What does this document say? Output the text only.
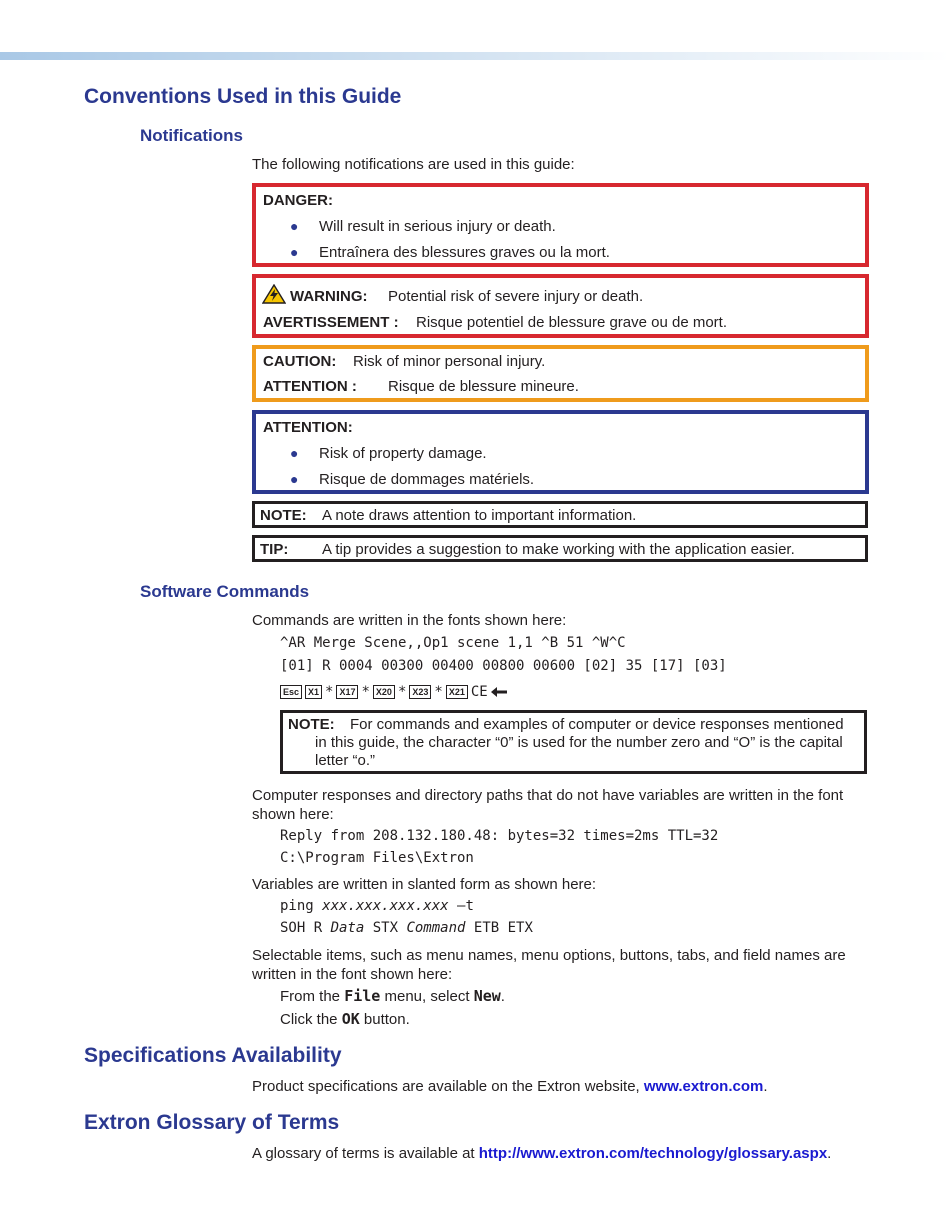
Conventions Used in this Guide
Notifications

The following notifications are used in this guide:

DANGER:
● Will result in serious injury or death.
● Entraînera des blessures graves ou la mort.
WARNING: Potential risk of severe injury or death.
AVERTISSEMENT : Risque potentiel de blessure grave ou de mort.
CAUTION: Risk of minor personal injury.
ATTENTION : Risque de blessure mineure.
ATTENTION:
● Risk of property damage.
● Risque de dommages matériels.
NOTE: A note draws attention to important information.
TIP: A tip provides a suggestion to make working with the application easier.
Software Commands

Commands are written in the fonts shown here:

^AR Merge Scene,,Op1 scene 1,1 ^B 51 ^W^C
[01] R 0004 00300 00400 00800 00600 [02] 35 [17] [03]
Esc	X1 * X17 * X20 * X23 * X21 CE
NOTE: For commands and examples of computer or device responses mentioned
in this guide, the character “0” is used for the number zero and “O” is the capital
letter “o.”

Computer responses and directory paths that do not have variables are written in the font
shown here:

Reply from 208.132.180.48: bytes=32 times=2ms TTL=32
C:\Program Files\Extron

Variables are written in slanted form as shown here:

ping xxx.xxx.xxx.xxx —t
SOH R Data STX Command ETB ETX

Selectable items, such as menu names, menu options, buttons, tabs, and field names are
written in the font shown here:

From the File menu, select New.
Click the OK button.
Specifications Availability

Product specifications are available on the Extron website, www.extron.com.

Extron Glossary of Terms

A glossary of terms is available at http://www.extron.com/technology/glossary.aspx.
